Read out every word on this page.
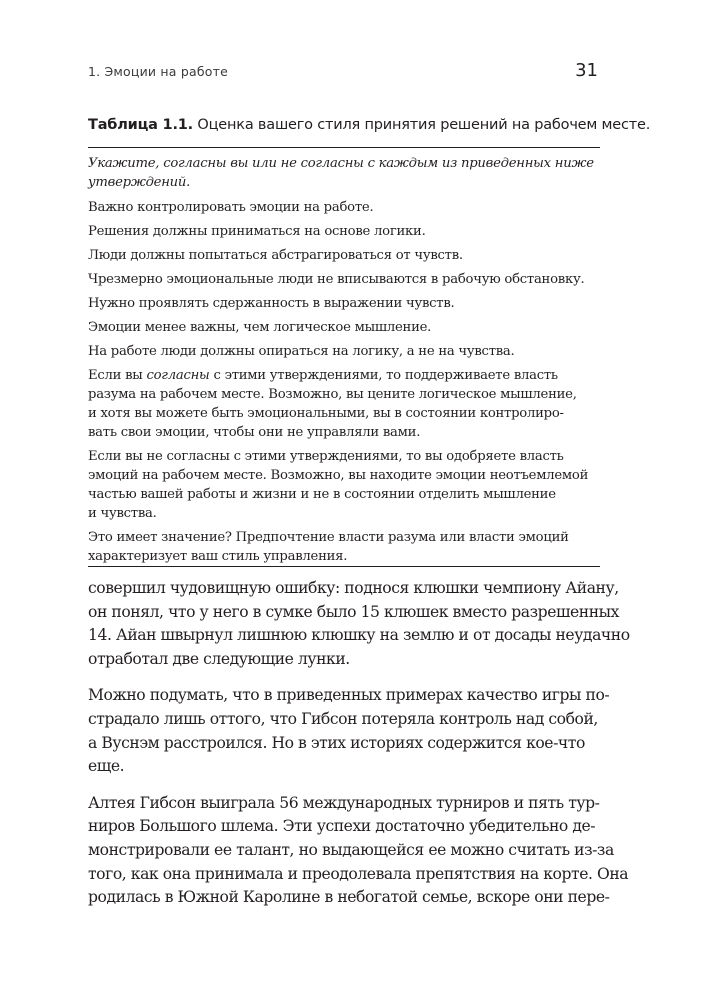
1. Эмоции на работе	31
Таблица 1.1. Оценка вашего стиля принятия решений на рабочем месте.
Укажите, согласны вы или не согласны с каждым из приведенных ниже
утверждений.
Важно контролировать эмоции на работе.
Решения должны приниматься на основе логики.
Люди должны попытаться абстрагироваться от чувств.
Чрезмерно эмоциональные люди не вписываются в рабочую обстановку.
Нужно проявлять сдержанность в выражении чувств.
Эмоции менее важны, чем логическое мышление.
На работе люди должны опираться на логику, а не на чувства.
Если вы согласны с этими утверждениями, то поддерживаете власть
разума на рабочем месте. Возможно, вы цените логическое мышление,
и хотя вы можете быть эмоциональными, вы в состоянии контролиро-
вать свои эмоции, чтобы они не управляли вами.
Если вы не согласны с этими утверждениями, то вы одобряете власть
эмоций на рабочем месте. Возможно, вы находите эмоции неотъемлемой
частью вашей работы и жизни и не в состоянии отделить мышление
и чувства.
Это имеет значение? Предпочтение власти разума или власти эмоций
характеризует ваш стиль управления.

совершил чудовищную ошибку: поднося клюшки чемпиону Айану,
он понял, что у него в сумке было 15 клюшек вместо разрешенных
14. Айан швырнул лишнюю клюшку на землю и от досады неудачно
отработал две следующие лунки.

Можно подумать, что в приведенных примерах качество игры по-
страдало лишь оттого, что Гибсон потеряла контроль над собой,
а Вуснэм расстроился. Но в этих историях содержится кое-что
еще.

Алтея Гибсон выиграла 56 международных турниров и пять тур-
ниров Большого шлема. Эти успехи достаточно убедительно де-
монстрировали ее талант, но выдающейся ее можно считать из-за
того, как она принимала и преодолевала препятствия на корте. Она
родилась в Южной Каролине в небогатой семье, вскоре они пере-
